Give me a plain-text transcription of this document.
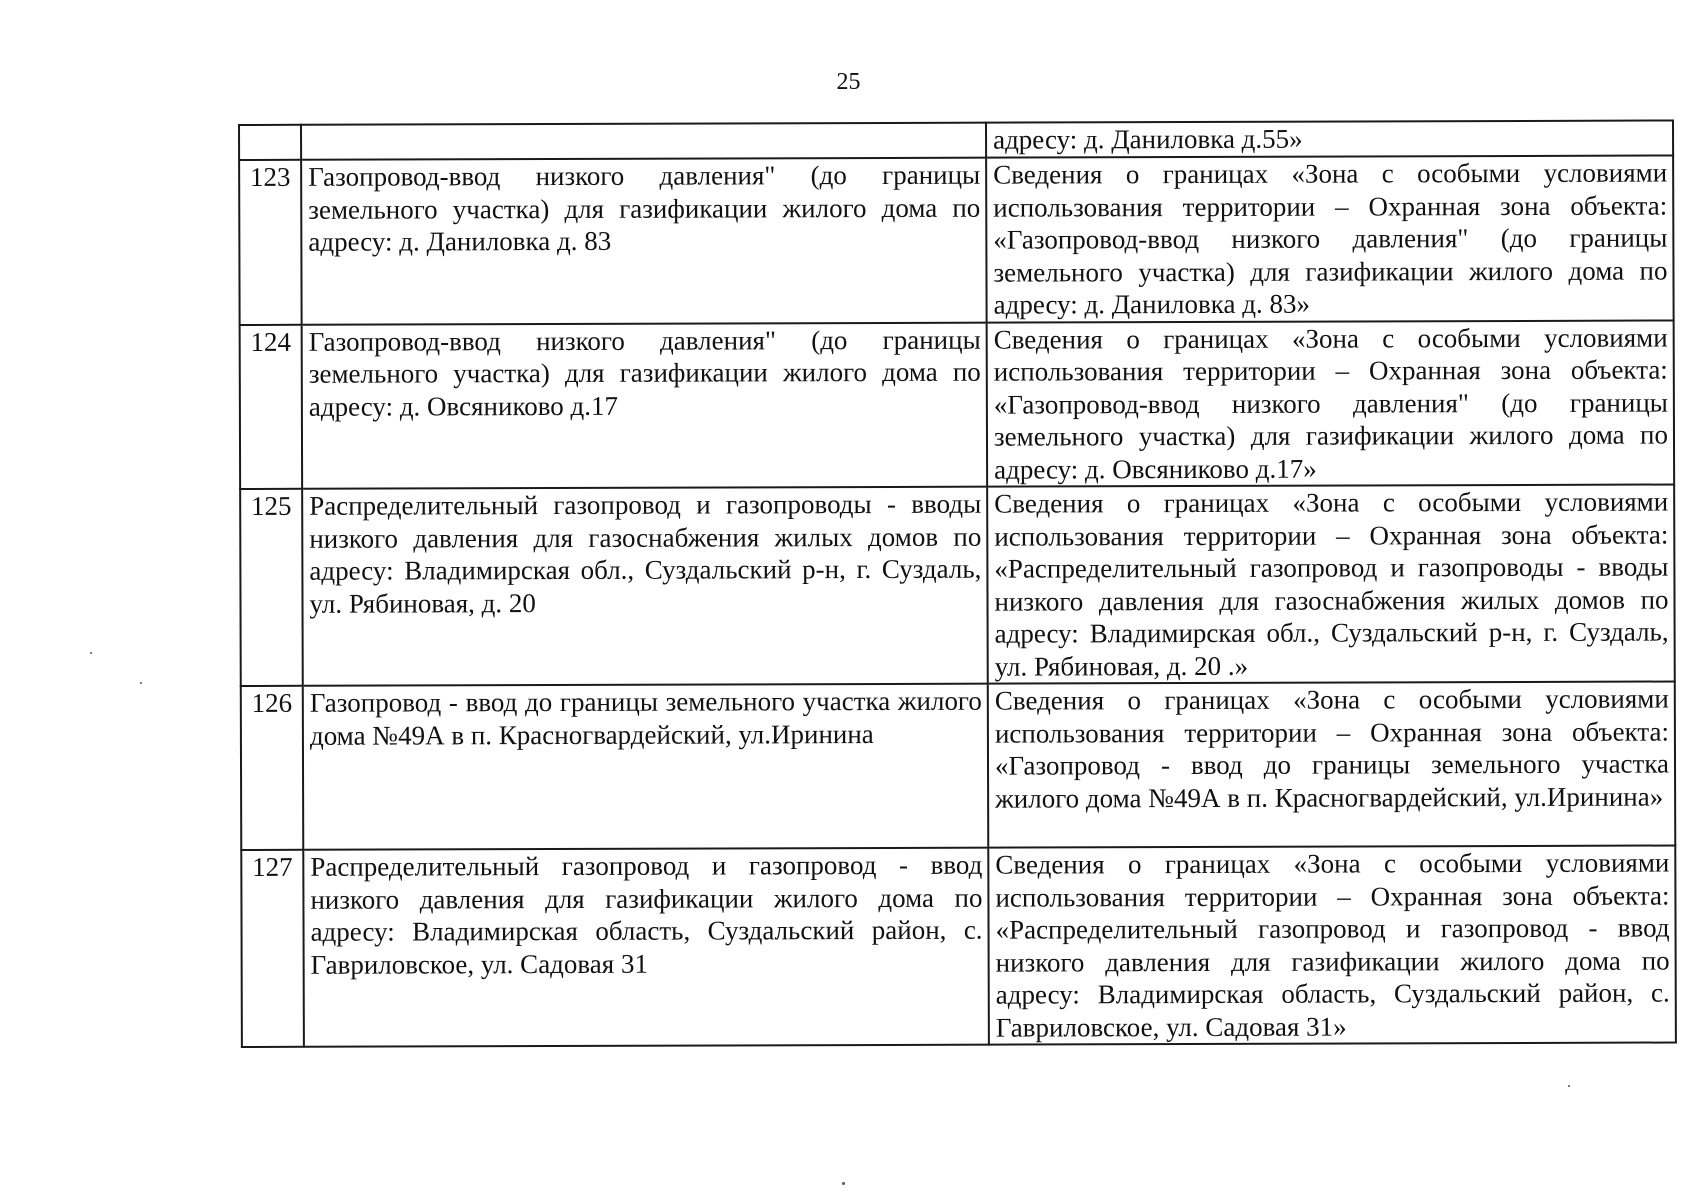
25
		адресу: д. Даниловка д.55»
123	Газопровод-ввод низкого давления" (до границы земельного участка) для газификации жилого дома по адресу: д. Даниловка д. 83	Сведения о границах «Зона с особыми условиями использования территории – Охранная зона объекта: «Газопровод-ввод низкого давления" (до границы земельного участка) для газификации жилого дома по адресу: д. Даниловка д. 83»
124	Газопровод-ввод низкого давления" (до границы земельного участка) для газификации жилого дома по адресу: д. Овсяниково д.17	Сведения о границах «Зона с особыми условиями использования территории – Охранная зона объекта: «Газопровод-ввод низкого давления" (до границы земельного участка) для газификации жилого дома по адресу: д. Овсяниково д.17»
125	Распределительный газопровод и газопроводы - вводы низкого давления для газоснабжения жилых домов по адресу: Владимирская обл., Суздальский р-н, г. Суздаль, ул. Рябиновая, д. 20	Сведения о границах «Зона с особыми условиями использования территории – Охранная зона объекта: «Распределительный газопровод и газопроводы - вводы низкого давления для газоснабжения жилых домов по адресу: Владимирская обл., Суздальский р-н, г. Суздаль, ул. Рябиновая, д. 20 .»
126	Газопровод - ввод до границы земельного участка жилого дома №49А в п. Красногвардейский, ул.Иринина	Сведения о границах «Зона с особыми условиями использования территории – Охранная зона объекта: «Газопровод - ввод до границы земельного участка жилого дома №49А в п. Красногвардейский, ул.Иринина»
127	Распределительный газопровод и газопровод - ввод низкого давления для газификации жилого дома по адресу: Владимирская область, Суздальский район, с. Гавриловское, ул. Садовая 31	Сведения о границах «Зона с особыми условиями использования территории – Охранная зона объекта: «Распределительный газопровод и газопровод - ввод низкого давления для газификации жилого дома по адресу: Владимирская область, Суздальский район, с. Гавриловское, ул. Садовая 31»
